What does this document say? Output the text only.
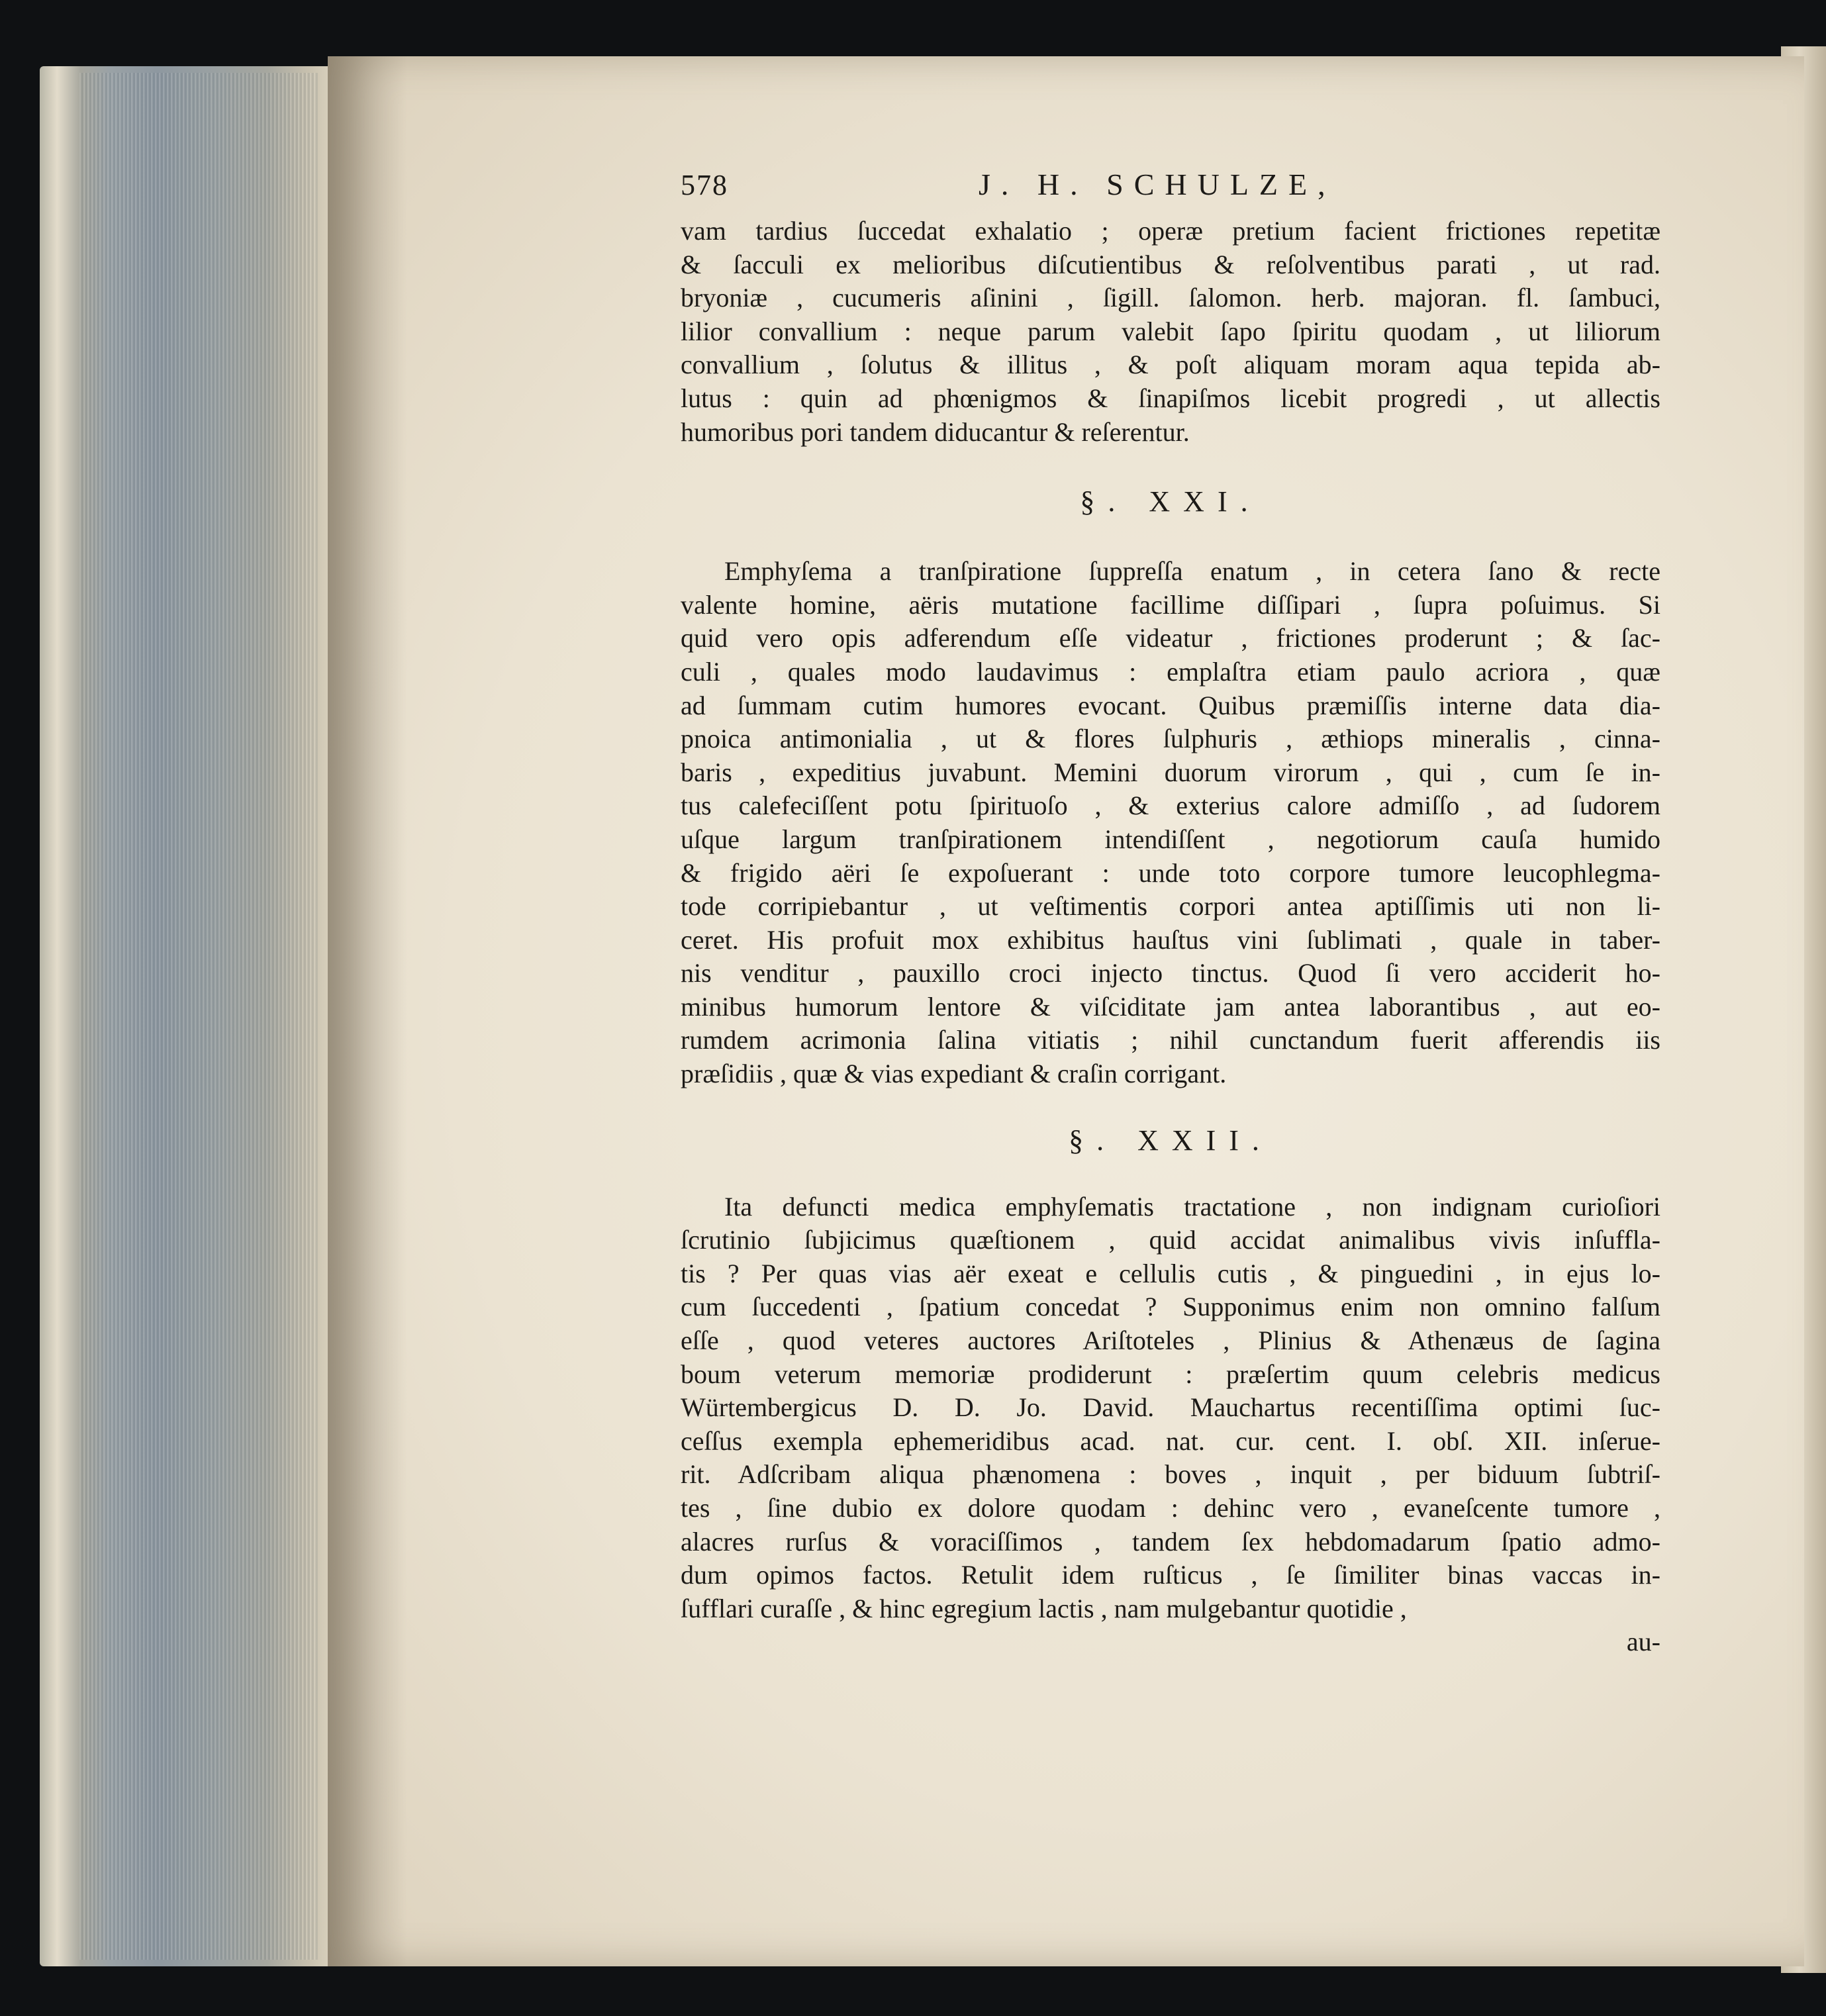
578	J. H. SCHULZE,
vam tardius ſuccedat exhalatio ; operæ pretium facient frictiones repetitæ
& ſacculi ex melioribus diſcutientibus & reſolventibus parati , ut rad.
bryoniæ , cucumeris aſinini , ſigill. ſalomon. herb. majoran. fl. ſambuci,
lilior convallium : neque parum valebit ſapo ſpiritu quodam , ut liliorum
convallium , ſolutus & illitus , & poſt aliquam moram aqua tepida ab-
lutus : quin ad phœnigmos & ſinapiſmos licebit progredi , ut allectis
humoribus pori tandem diducantur & reſerentur.
§. XXI.
Emphyſema a tranſpiratione ſuppreſſa enatum , in cetera ſano & recte
valente homine, aëris mutatione facillime diſſipari , ſupra poſuimus. Si
quid vero opis adferendum eſſe videatur , frictiones proderunt ; & ſac-
culi , quales modo laudavimus : emplaſtra etiam paulo acriora , quæ
ad ſummam cutim humores evocant. Quibus præmiſſis interne data dia-
pnoica antimonialia , ut & flores ſulphuris , æthiops mineralis , cinna-
baris , expeditius juvabunt. Memini duorum virorum , qui , cum ſe in-
tus calefeciſſent potu ſpirituoſo , & exterius calore admiſſo , ad ſudorem
uſque largum tranſpirationem intendiſſent , negotiorum cauſa humido
& frigido aëri ſe expoſuerant : unde toto corpore tumore leucophlegma-
tode corripiebantur , ut veſtimentis corpori antea aptiſſimis uti non li-
ceret. His profuit mox exhibitus hauſtus vini ſublimati , quale in taber-
nis venditur , pauxillo croci injecto tinctus. Quod ſi vero acciderit ho-
minibus humorum lentore & viſciditate jam antea laborantibus , aut eo-
rumdem acrimonia ſalina vitiatis ; nihil cunctandum fuerit afferendis iis
præſidiis , quæ & vias expediant & craſin corrigant.
§. XXII.
Ita defuncti medica emphyſematis tractatione , non indignam curioſiori
ſcrutinio ſubjicimus quæſtionem , quid accidat animalibus vivis inſuffla-
tis ? Per quas vias aër exeat e cellulis cutis , & pinguedini , in ejus lo-
cum ſuccedenti , ſpatium concedat ? Supponimus enim non omnino falſum
eſſe , quod veteres auctores Ariſtoteles , Plinius & Athenæus de ſagina
boum veterum memoriæ prodiderunt : præſertim quum celebris medicus
Würtembergicus D. D. Jo. David. Mauchartus recentiſſima optimi ſuc-
ceſſus exempla ephemeridibus acad. nat. cur. cent. I. obſ. XII. inſerue-
rit. Adſcribam aliqua phænomena : boves , inquit , per biduum ſubtriſ-
tes , ſine dubio ex dolore quodam : dehinc vero , evaneſcente tumore ,
alacres rurſus & voraciſſimos , tandem ſex hebdomadarum ſpatio admo-
dum opimos factos. Retulit idem ruſticus , ſe ſimiliter binas vaccas in-
ſufflari curaſſe , & hinc egregium lactis , nam mulgebantur quotidie ,
au-
